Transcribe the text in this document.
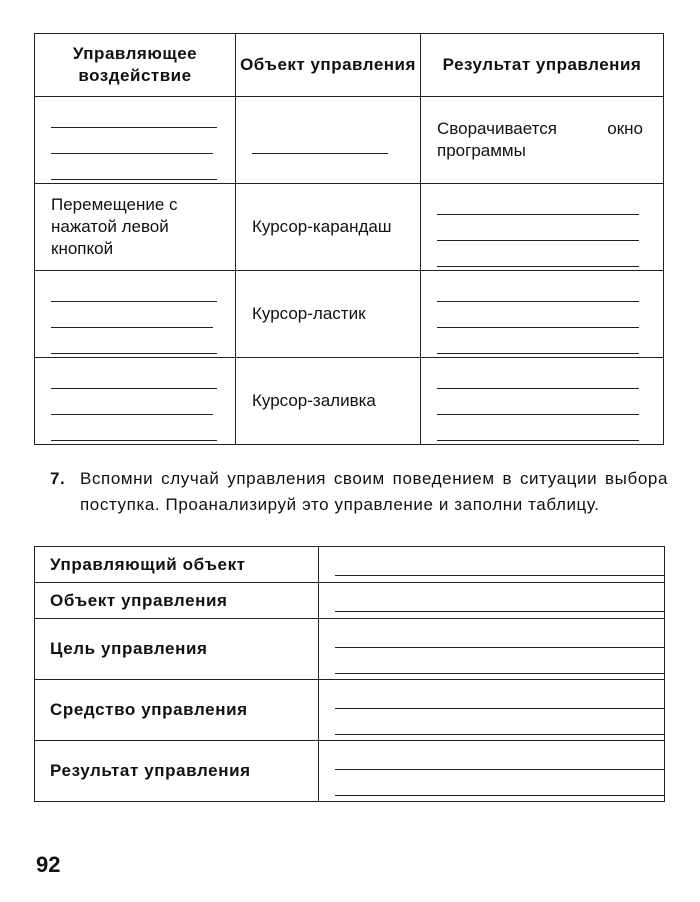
Управляющее воздействие	Объект управления	Результат управления

		Сворачивается окно программы

Перемещение с нажатой левой кнопкой	Курсор-карандаш	

	Курсор-ластик	

	Курсор-заливка	

7. Вспомни случай управления своим поведением в ситуации выбора поступка. Проанализируй это управление и заполни таблицу.
Управляющий объект	

Объект управления	

Цель управления	

Средство управления	

Результат управления	
92
